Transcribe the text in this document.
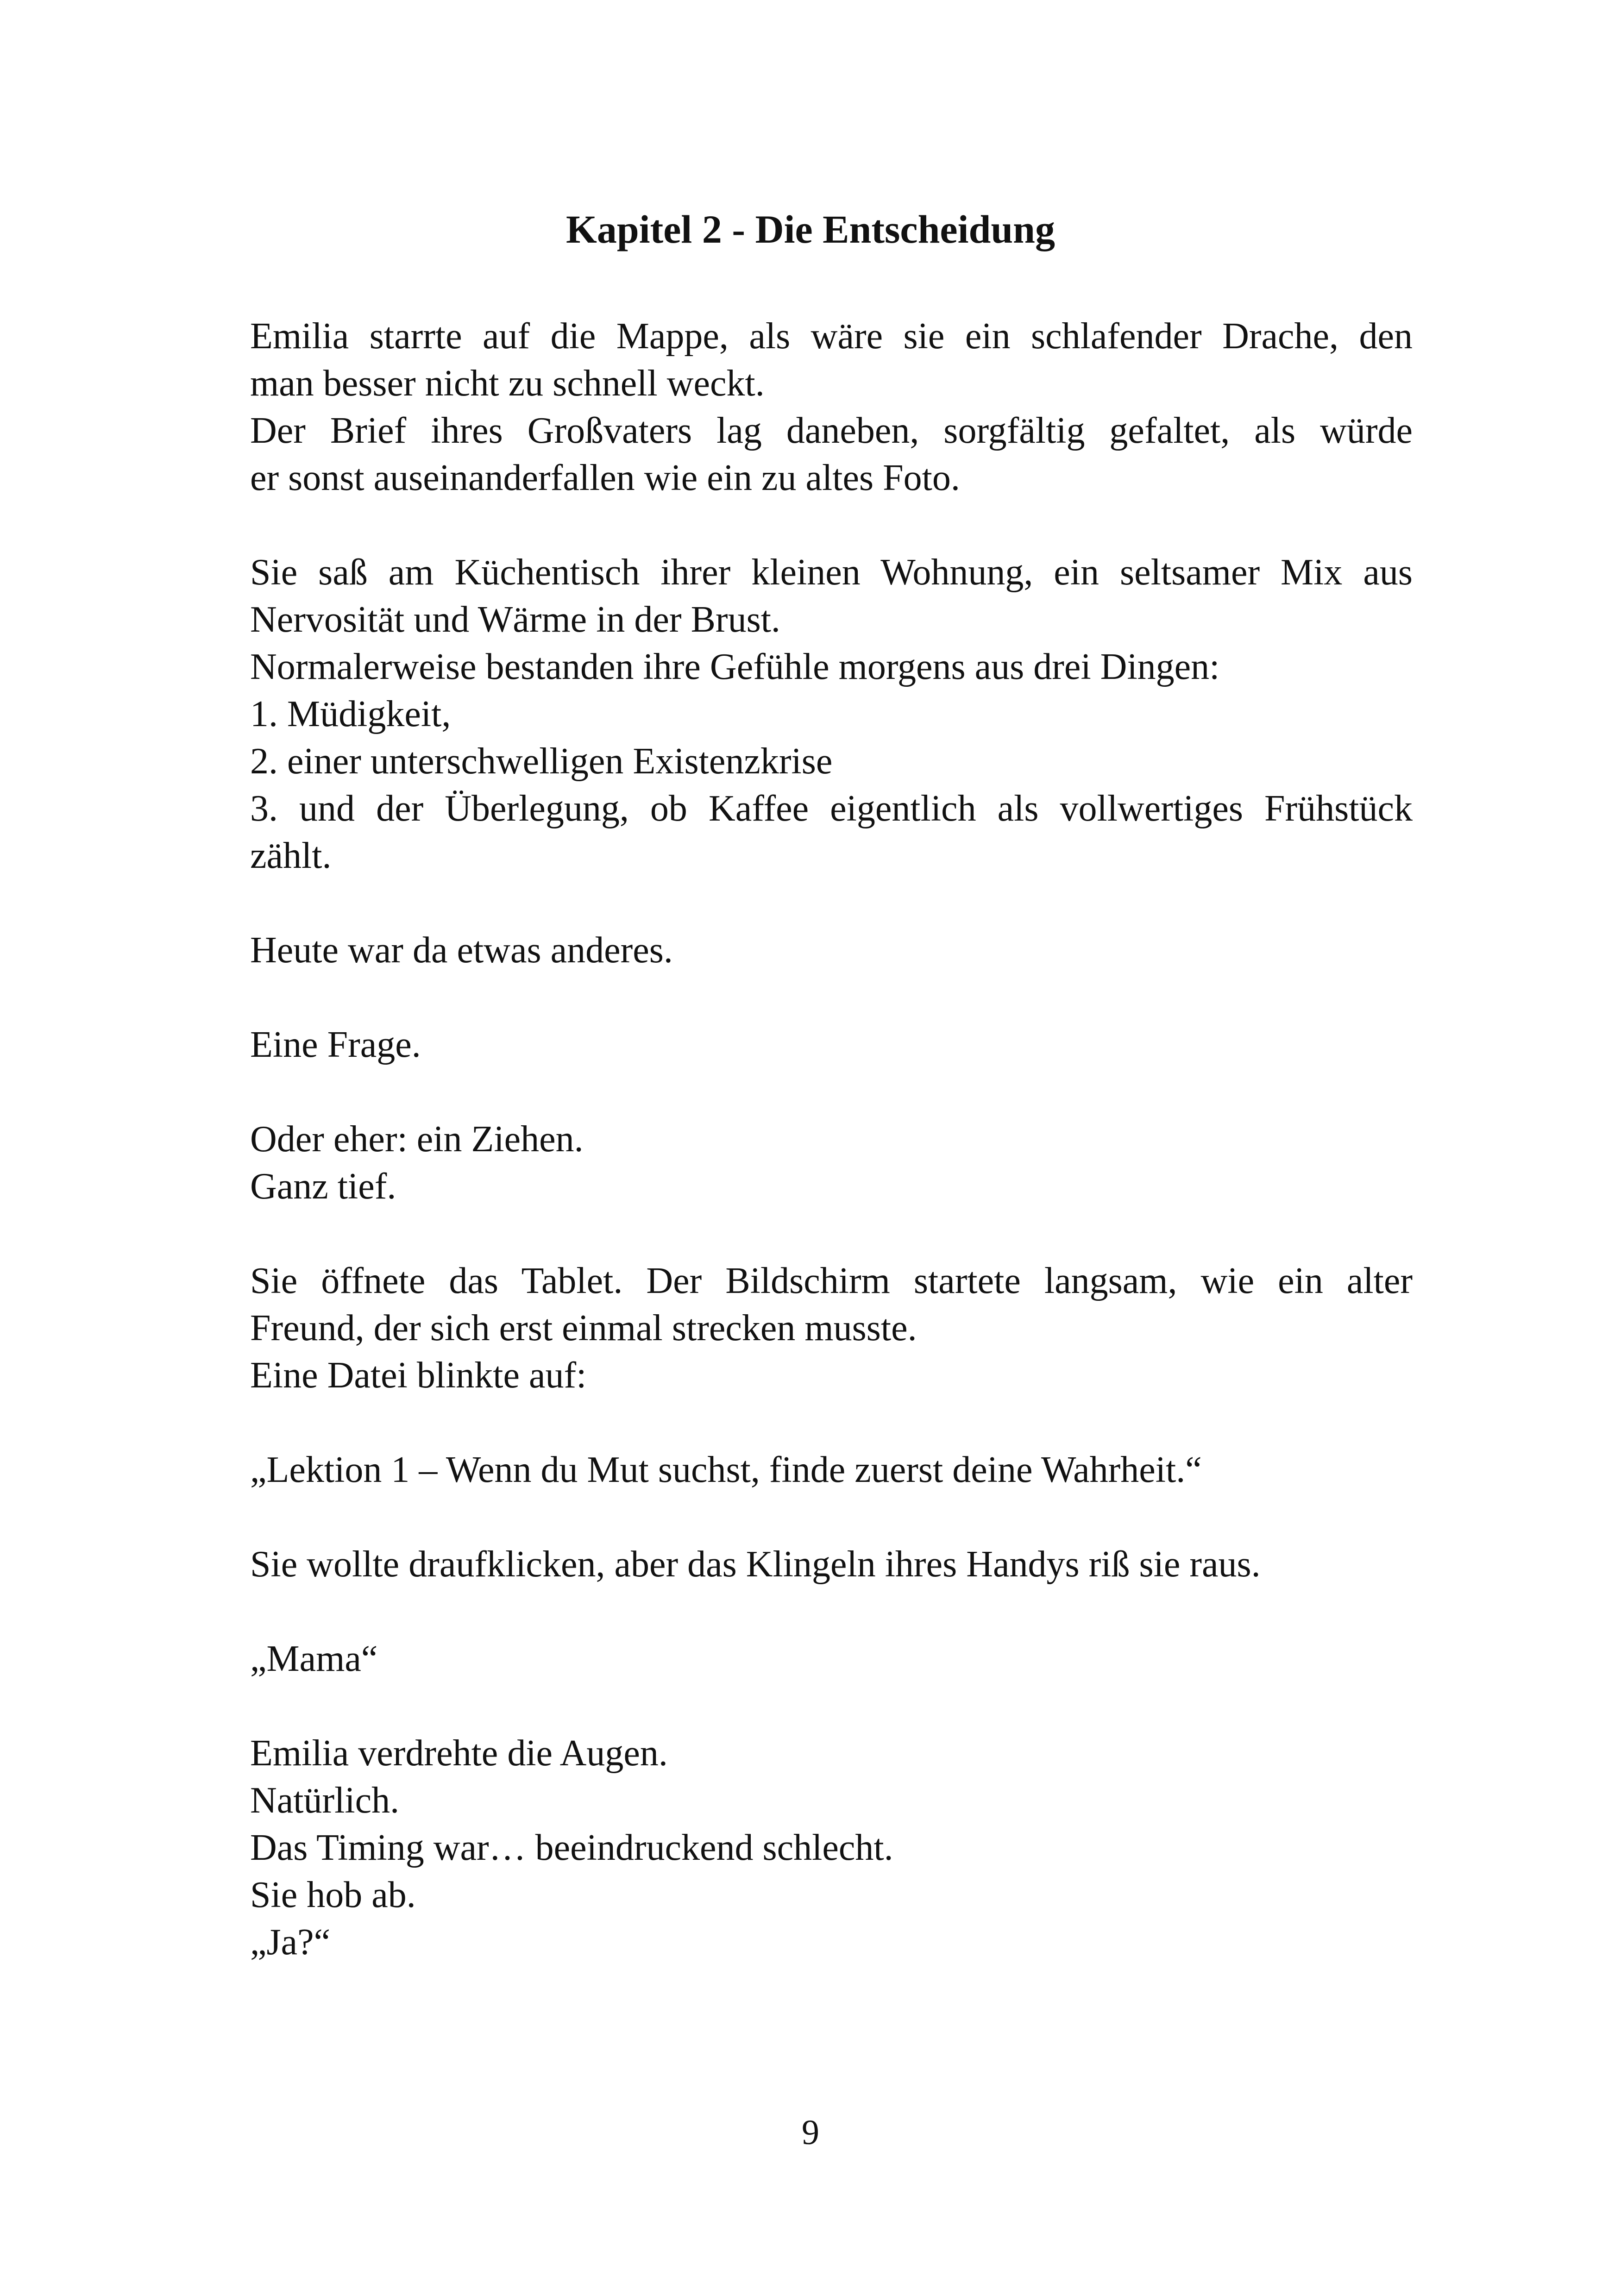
Kapitel 2 - Die Entscheidung
Emilia starrte auf die Mappe, als wäre sie ein schlafender Drache, den
man besser nicht zu schnell weckt.
Der Brief ihres Großvaters lag daneben, sorgfältig gefaltet, als würde
er sonst auseinanderfallen wie ein zu altes Foto.
Sie saß am Küchentisch ihrer kleinen Wohnung, ein seltsamer Mix aus
Nervosität und Wärme in der Brust.
Normalerweise bestanden ihre Gefühle morgens aus drei Dingen:
1. Müdigkeit,
2. einer unterschwelligen Existenzkrise
3. und der Überlegung, ob Kaffee eigentlich als vollwertiges Frühstück
zählt.
Heute war da etwas anderes.
Eine Frage.
Oder eher: ein Ziehen.
Ganz tief.
Sie öffnete das Tablet. Der Bildschirm startete langsam, wie ein alter
Freund, der sich erst einmal strecken musste.
Eine Datei blinkte auf:
„Lektion 1 – Wenn du Mut suchst, finde zuerst deine Wahrheit.“
Sie wollte draufklicken, aber das Klingeln ihres Handys riß sie raus.
„Mama“
Emilia verdrehte die Augen.
Natürlich.
Das Timing war… beeindruckend schlecht.
Sie hob ab.
„Ja?“
9
